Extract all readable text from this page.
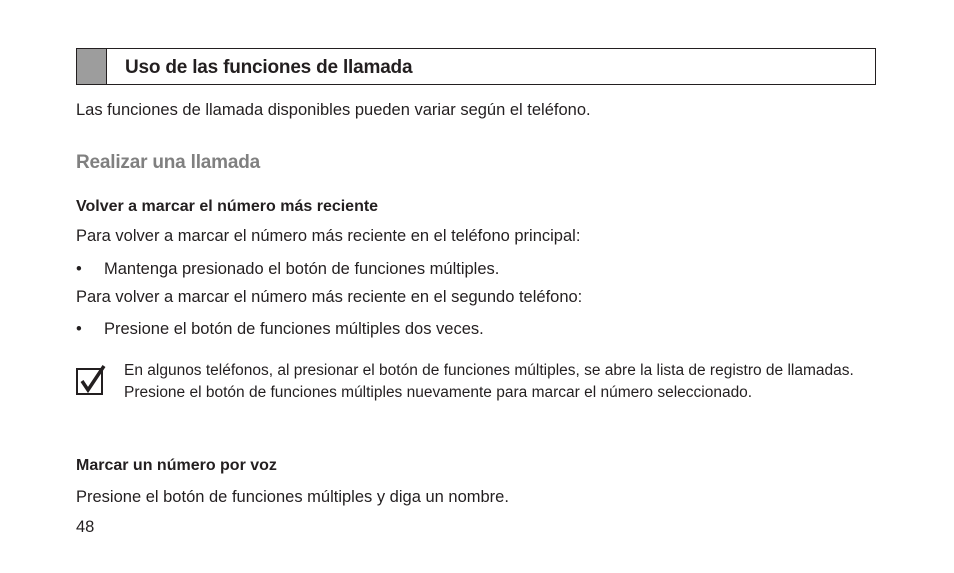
Uso de las funciones de llamada
Las funciones de llamada disponibles pueden variar según el teléfono.
Realizar una llamada
Volver a marcar el número más reciente
Para volver a marcar el número más reciente en el teléfono principal:
• Mantenga presionado el botón de funciones múltiples.
Para volver a marcar el número más reciente en el segundo teléfono:
• Presione el botón de funciones múltiples dos veces.
En algunos teléfonos, al presionar el botón de funciones múltiples, se abre la lista de registro de llamadas. Presione el botón de funciones múltiples nuevamente para marcar el número seleccionado.
Marcar un número por voz
Presione el botón de funciones múltiples y diga un nombre.
48
